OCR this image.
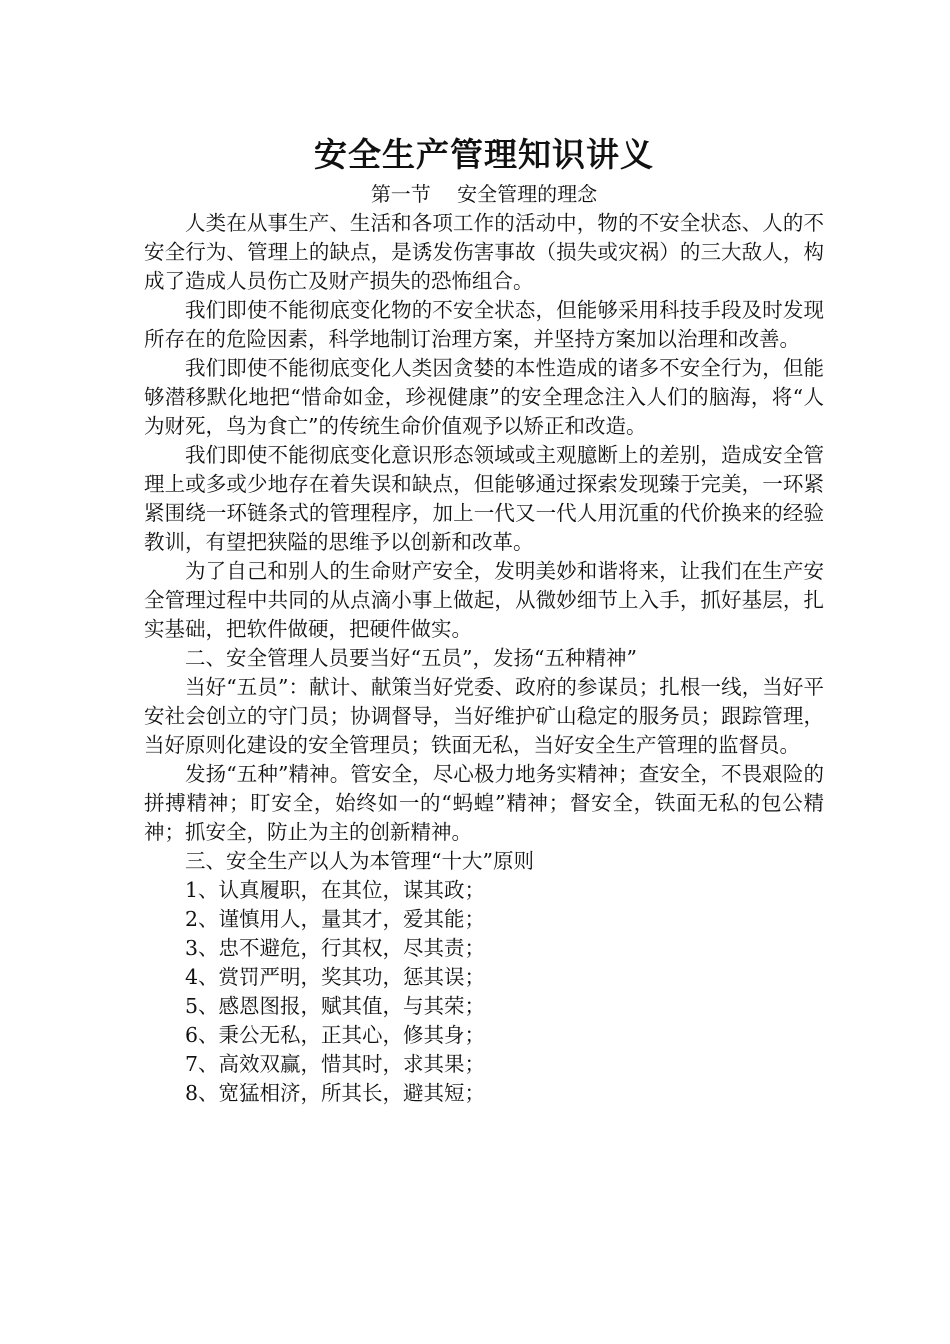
安全生产管理知识讲义

第一节　 安全管理的理念

人类在从事生产、生活和各项工作的活动中，物的不安全状态、人的不安全行为、管理上的缺点，是诱发伤害事故（损失或灾祸）的三大敌人，构成了造成人员伤亡及财产损失的恐怖组合。

我们即使不能彻底变化物的不安全状态，但能够采用科技手段及时发现所存在的危险因素，科学地制订治理方案，并坚持方案加以治理和改善。

我们即使不能彻底变化人类因贪婪的本性造成的诸多不安全行为，但能够潜移默化地把“惜命如金，珍视健康”的安全理念注入人们的脑海，将“人为财死，鸟为食亡”的传统生命价值观予以矫正和改造。

我们即使不能彻底变化意识形态领域或主观臆断上的差别，造成安全管理上或多或少地存在着失误和缺点，但能够通过探索发现臻于完美，一环紧紧围绕一环链条式的管理程序，加上一代又一代人用沉重的代价换来的经验教训，有望把狭隘的思维予以创新和改革。

为了自己和别人的生命财产安全，发明美妙和谐将来，让我们在生产安全管理过程中共同的从点滴小事上做起，从微妙细节上入手，抓好基层，扎实基础，把软件做硬，把硬件做实。

二、安全管理人员要当好“五员”，发扬“五种精神”

当好“五员”：献计、献策当好党委、政府的参谋员；扎根一线，当好平安社会创立的守门员；协调督导，当好维护矿山稳定的服务员；跟踪管理，当好原则化建设的安全管理员；铁面无私，当好安全生产管理的监督员。

发扬“五种”精神。管安全，尽心极力地务实精神；查安全，不畏艰险的拼搏精神；盯安全，始终如一的“蚂蝗”精神；督安全，铁面无私的包公精神；抓安全，防止为主的创新精神。

三、安全生产以人为本管理“十大”原则

1、认真履职，在其位，谋其政；

2、谨慎用人，量其才，爱其能；

3、忠不避危，行其权，尽其责；

4、赏罚严明，奖其功，惩其误；

5、感恩图报，赋其值，与其荣；

6、秉公无私，正其心，修其身；

7、高效双赢，惜其时，求其果；

8、宽猛相济，所其长，避其短；
